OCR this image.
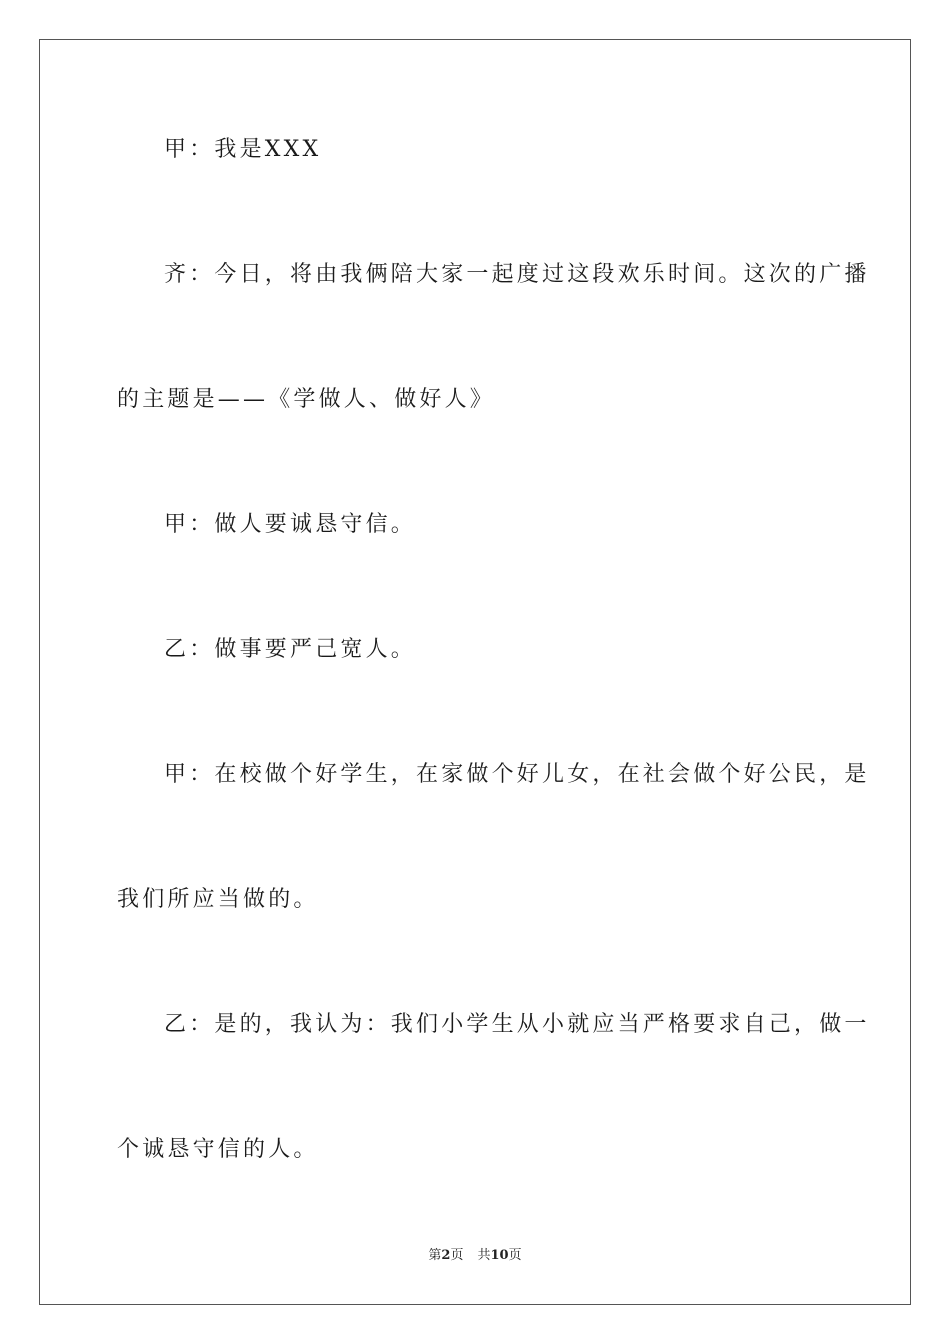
甲：我是XXX
齐：今日，将由我俩陪大家一起度过这段欢乐时间。这次的广播
的主题是——《学做人、做好人》
甲：做人要诚恳守信。
乙：做事要严己宽人。
甲：在校做个好学生，在家做个好儿女，在社会做个好公民，是
我们所应当做的。
乙：是的，我认为：我们小学生从小就应当严格要求自己，做一
个诚恳守信的人。
第2页 共10页
